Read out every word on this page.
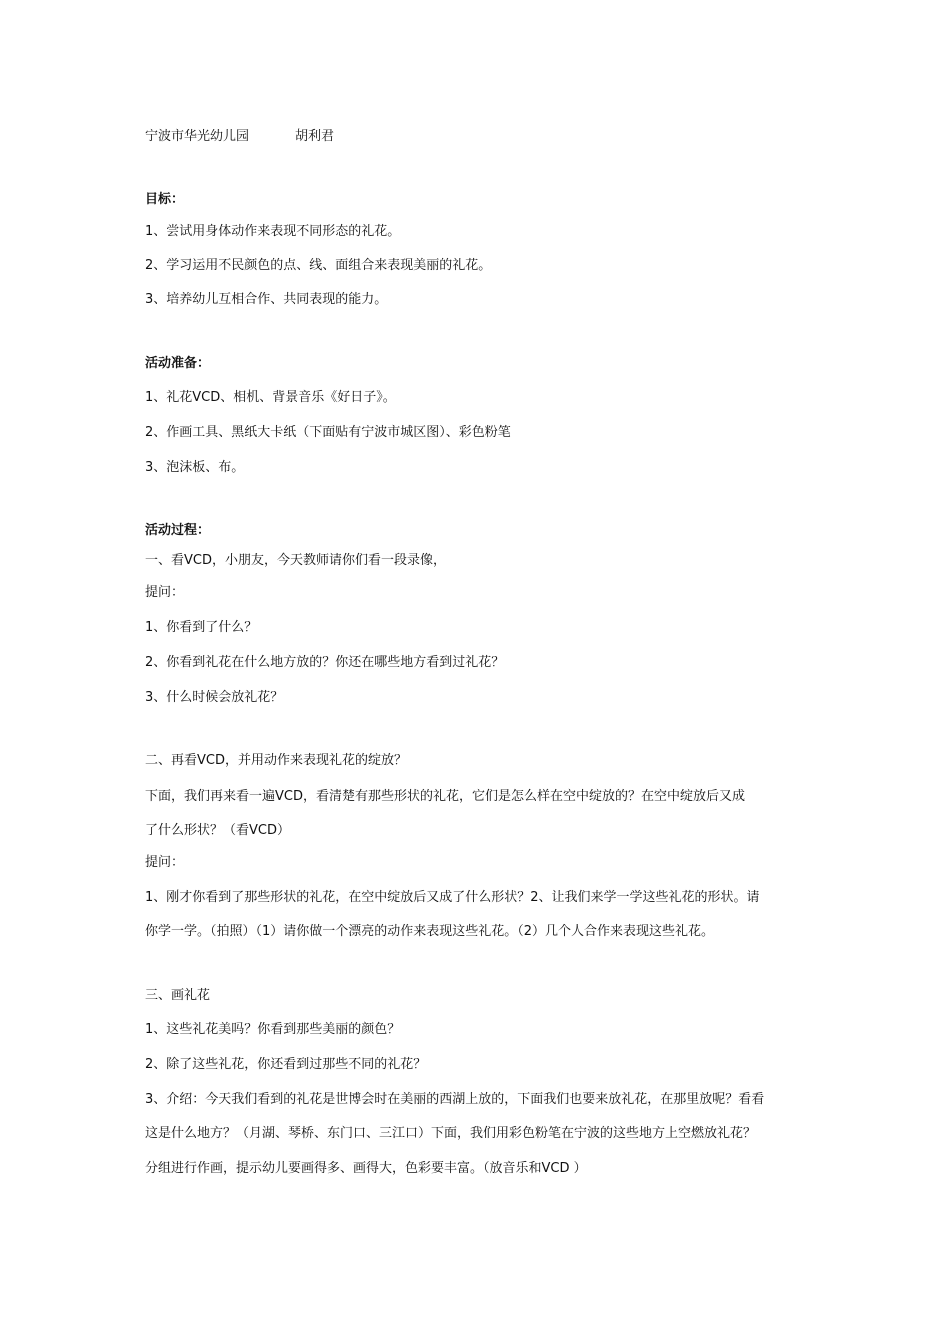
宁波市华光幼儿园	胡利君
目标：
1、尝试用身体动作来表现不同形态的礼花。
2、学习运用不民颜色的点、线、面组合来表现美丽的礼花。
3、培养幼儿互相合作、共同表现的能力。
活动准备：
1、礼花VCD、相机、背景音乐《好日子》。
2、作画工具、黑纸大卡纸（下面贴有宁波市城区图）、彩色粉笔
3、泡沫板、布。
活动过程：
一、看VCD，小朋友，今天教师请你们看一段录像，
提问：
1、你看到了什么？
2、你看到礼花在什么地方放的？你还在哪些地方看到过礼花？
3、什么时候会放礼花？
二、再看VCD，并用动作来表现礼花的绽放？
下面，我们再来看一遍VCD，看清楚有那些形状的礼花，它们是怎么样在空中绽放的？在空中绽放后又成
了什么形状？（看VCD）
提问：
1、刚才你看到了那些形状的礼花，在空中绽放后又成了什么形状？2、让我们来学一学这些礼花的形状。请
你学一学。（拍照）（1）请你做一个漂亮的动作来表现这些礼花。（2）几个人合作来表现这些礼花。
三、画礼花
1、这些礼花美吗？你看到那些美丽的颜色？
2、除了这些礼花，你还看到过那些不同的礼花？
3、介绍：今天我们看到的礼花是世博会时在美丽的西湖上放的，下面我们也要来放礼花，在那里放呢？看看
这是什么地方？（月湖、琴桥、东门口、三江口）下面，我们用彩色粉笔在宁波的这些地方上空燃放礼花？
分组进行作画，提示幼儿要画得多、画得大，色彩要丰富。（放音乐和VCD ）
